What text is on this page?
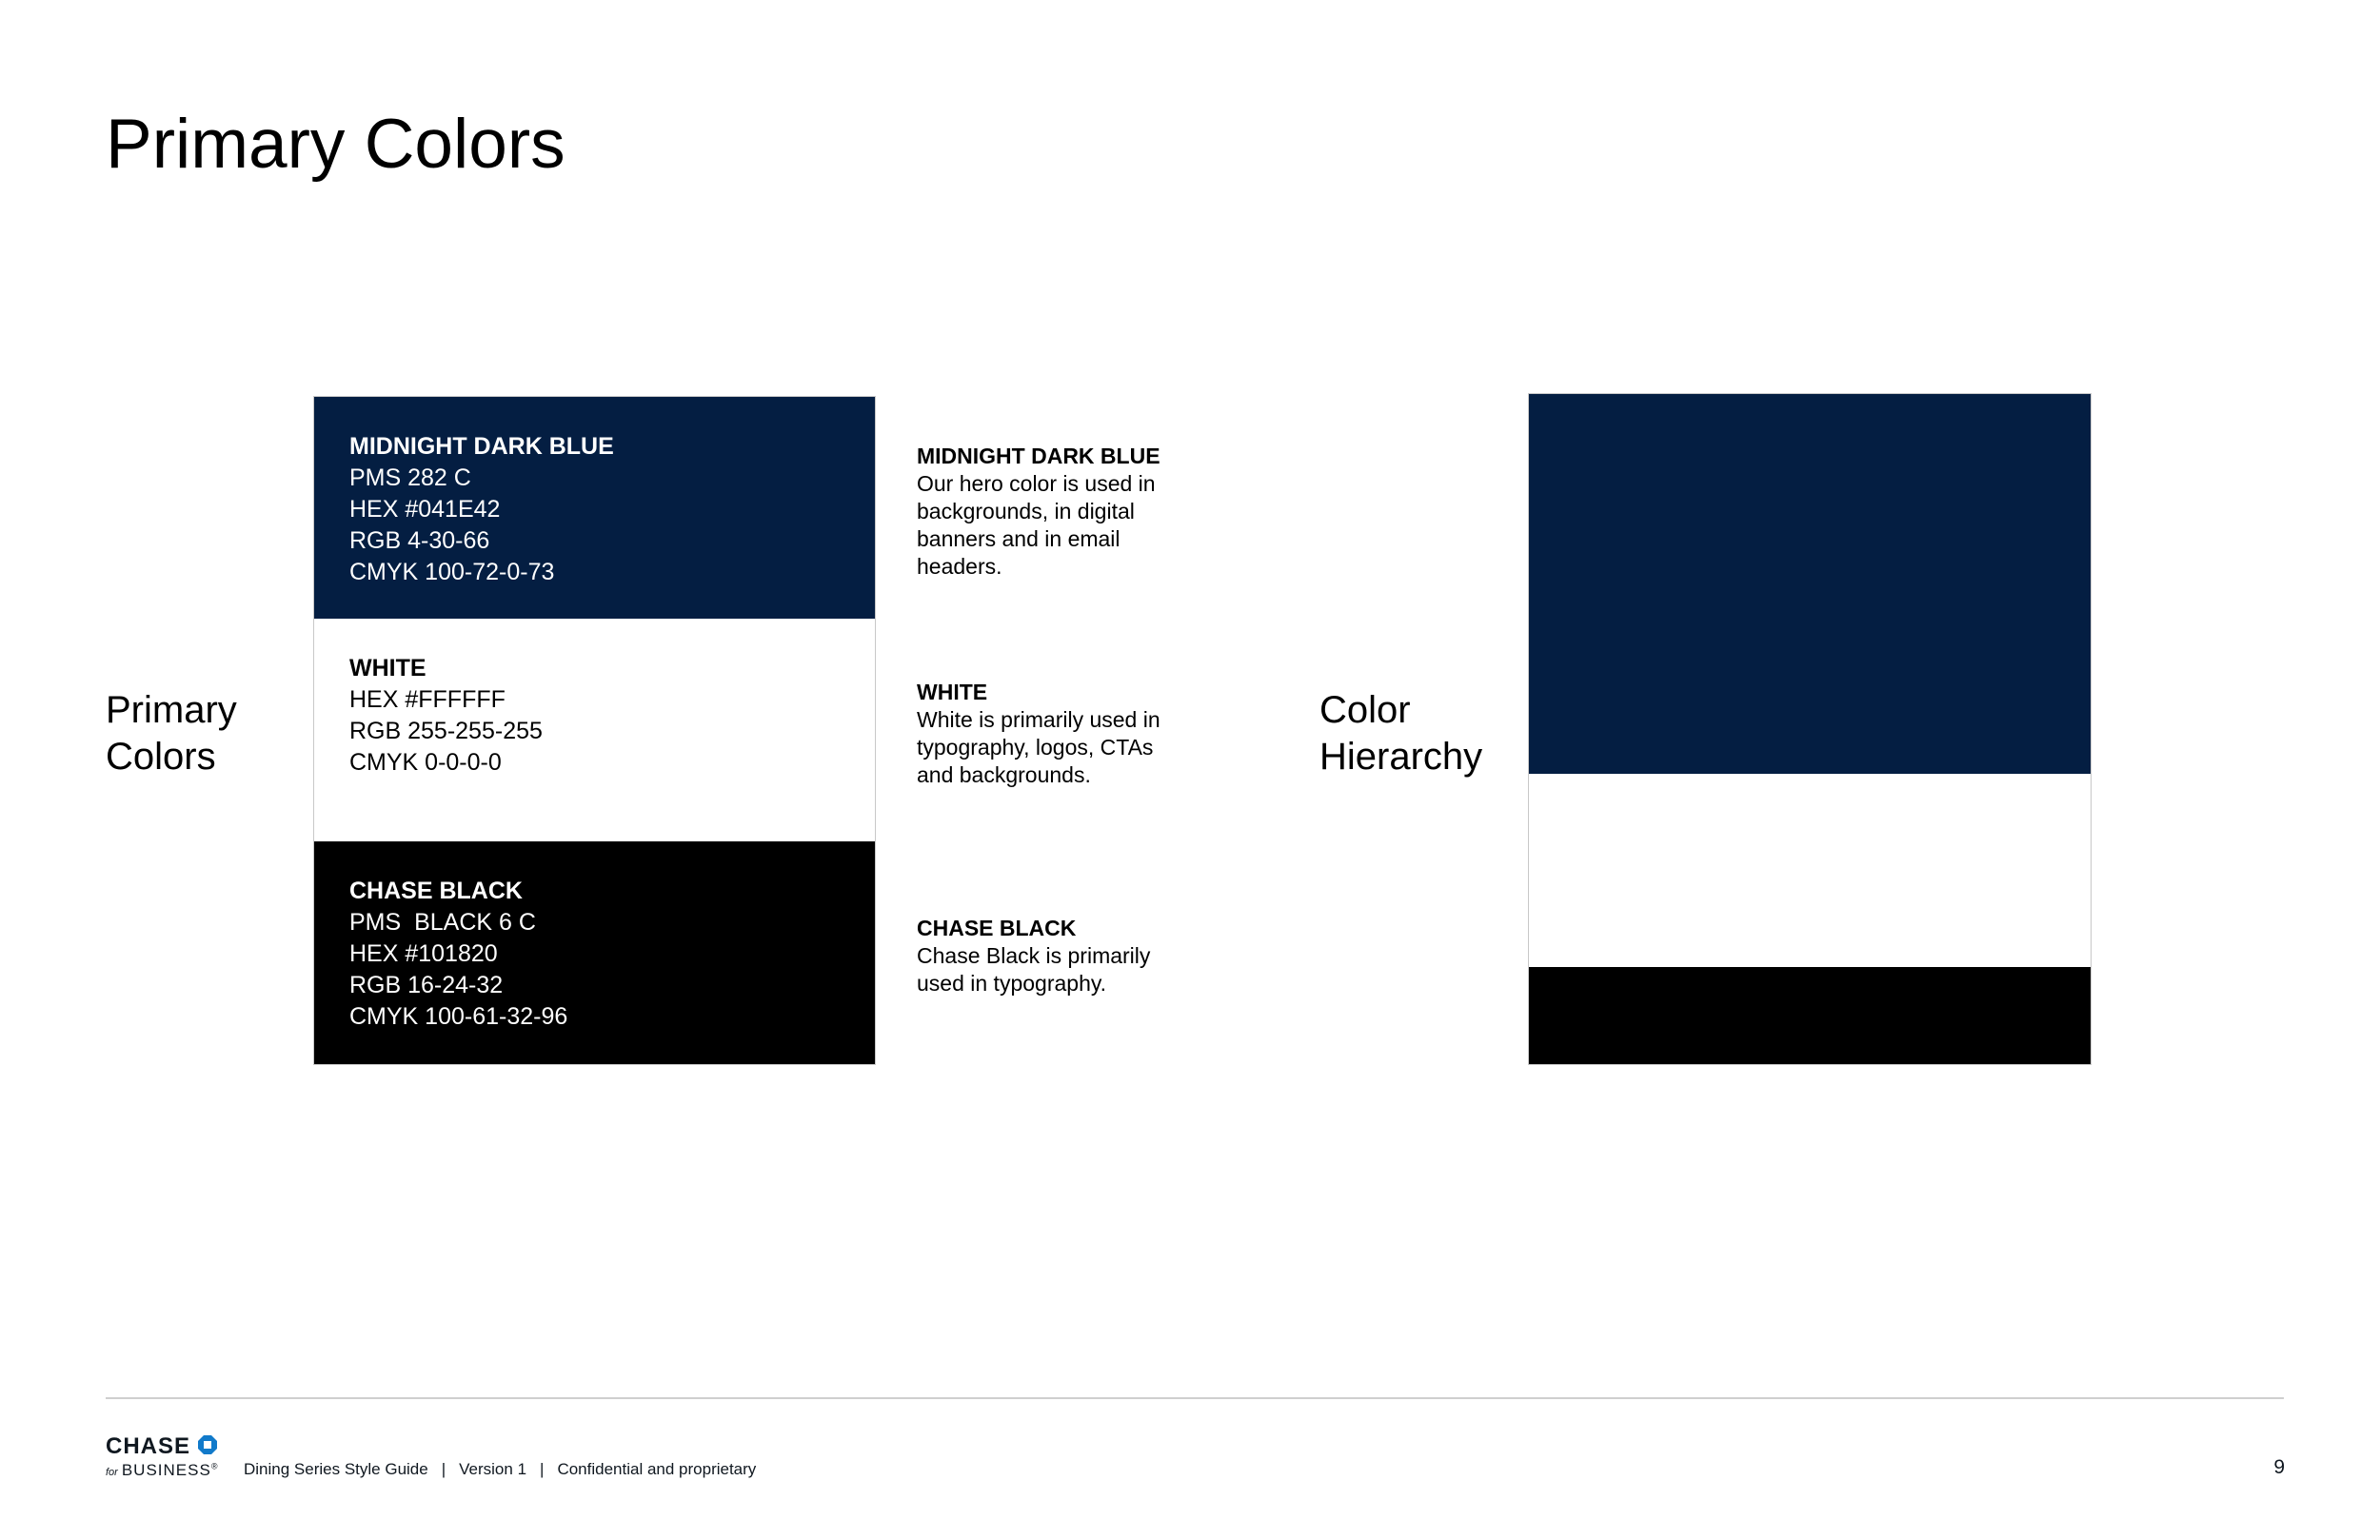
Primary Colors
Primary
Colors
MIDNIGHT DARK BLUE
PMS 282 C
HEX #041E42
RGB 4-30-66
CMYK 100-72-0-73
WHITE
HEX #FFFFFF
RGB 255-255-255
CMYK 0-0-0-0
CHASE BLACK
PMS  BLACK 6 C
HEX #101820
RGB 16-24-32
CMYK 100-61-32-96
MIDNIGHT DARK BLUE
Our hero color is used in
backgrounds, in digital
banners and in email
headers.
WHITE
White is primarily used in
typography, logos, CTAs
and backgrounds.
CHASE BLACK
Chase Black is primarily
used in typography.
Color
Hierarchy
CHASE
for BUSINESS® Dining Series Style Guide | Version 1 | Confidential and proprietary	9
